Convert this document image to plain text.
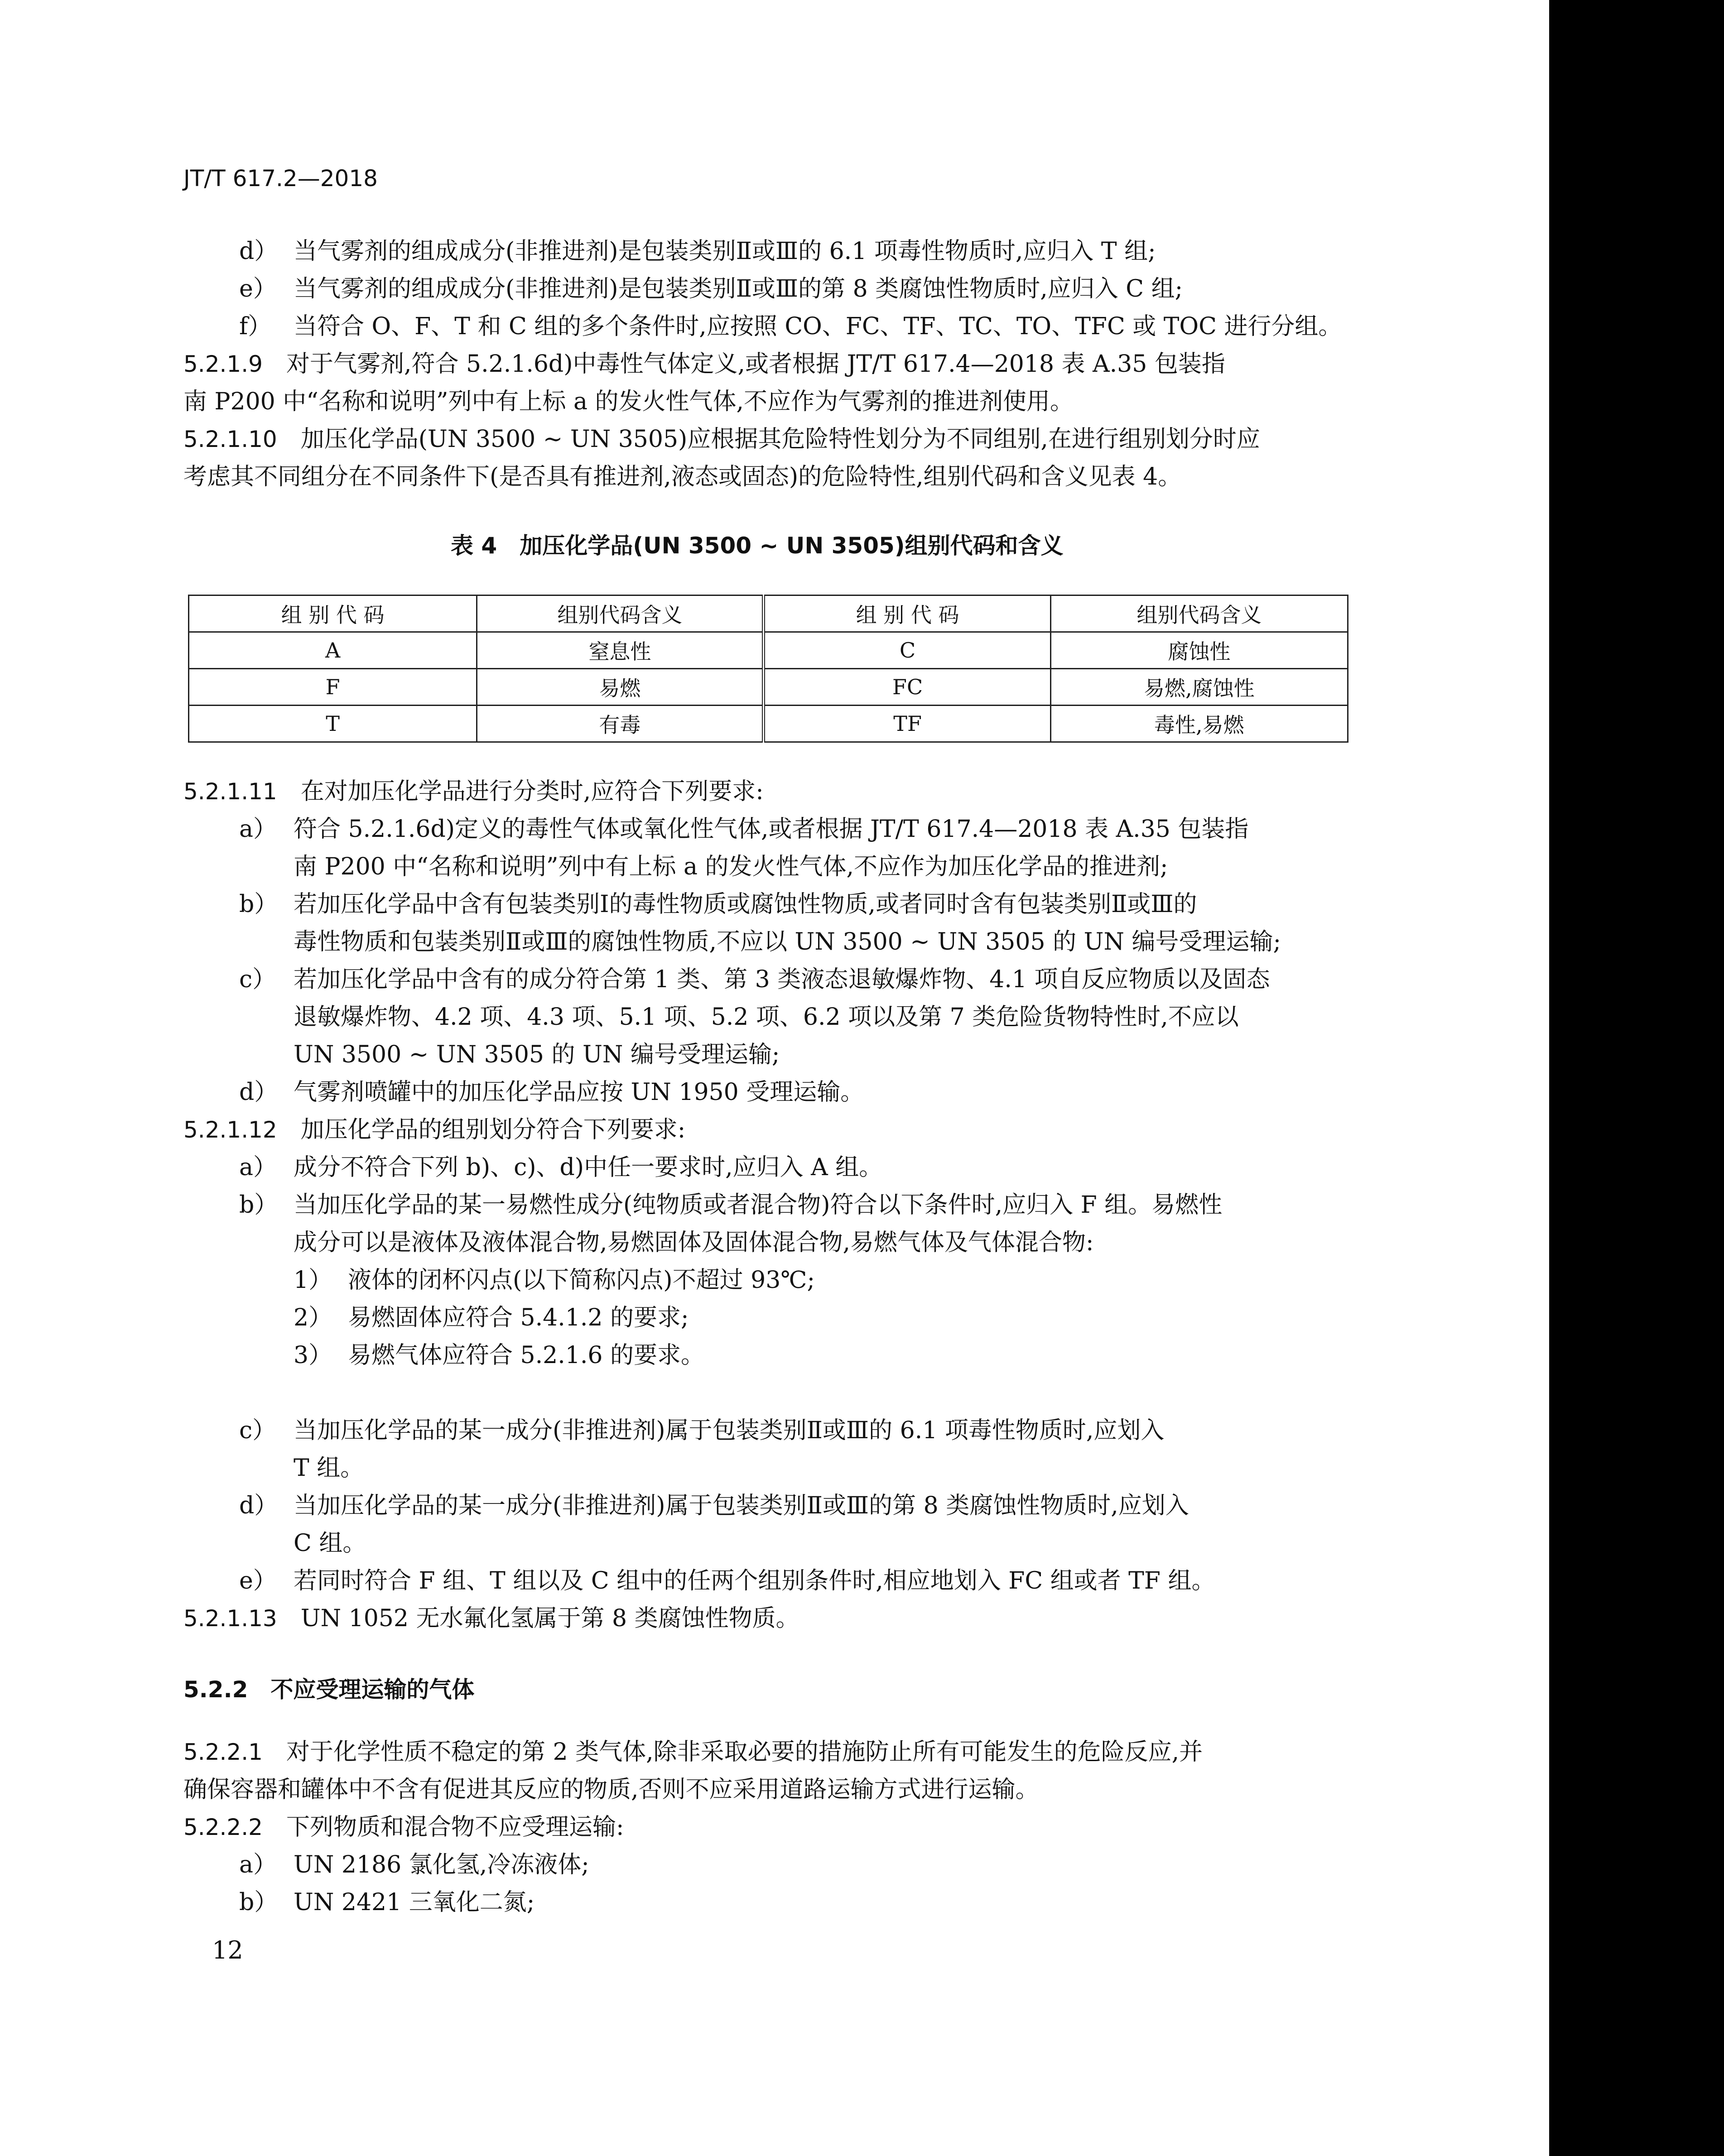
JT/T 617.2—2018
d） 当气雾剂的组成成分(非推进剂)是包装类别Ⅱ或Ⅲ的 6.1 项毒性物质时,应归入 T 组;
e） 当气雾剂的组成成分(非推进剂)是包装类别Ⅱ或Ⅲ的第 8 类腐蚀性物质时,应归入 C 组;
f） 当符合 O、F、T 和 C 组的多个条件时,应按照 CO、FC、TF、TC、TO、TFC 或 TOC 进行分组。
5.2.1.9　 对于气雾剂,符合 5.2.1.6d)中毒性气体定义,或者根据 JT/T 617.4—2018 表 A.35 包装指
南 P200 中“名称和说明”列中有上标 a 的发火性气体,不应作为气雾剂的推进剂使用。
5.2.1.10　 加压化学品(UN 3500 ~ UN 3505)应根据其危险特性划分为不同组别,在进行组别划分时应
考虑其不同组分在不同条件下(是否具有推进剂,液态或固态)的危险特性,组别代码和含义见表 4。
表 4　加压化学品(UN 3500 ~ UN 3505)组别代码和含义
组 别 代 码	组别代码含义	组 别 代 码	组别代码含义
A	窒息性	C	腐蚀性
F	易燃	FC	易燃,腐蚀性
T	有毒	TF	毒性,易燃
5.2.1.11　 在对加压化学品进行分类时,应符合下列要求:
a） 符合 5.2.1.6d)定义的毒性气体或氧化性气体,或者根据 JT/T 617.4—2018 表 A.35 包装指
南 P200 中“名称和说明”列中有上标 a 的发火性气体,不应作为加压化学品的推进剂;
b） 若加压化学品中含有包装类别Ⅰ的毒性物质或腐蚀性物质,或者同时含有包装类别Ⅱ或Ⅲ的
毒性物质和包装类别Ⅱ或Ⅲ的腐蚀性物质,不应以 UN 3500 ~ UN 3505 的 UN 编号受理运输;
c） 若加压化学品中含有的成分符合第 1 类、第 3 类液态退敏爆炸物、4.1 项自反应物质以及固态
退敏爆炸物、4.2 项、4.3 项、5.1 项、5.2 项、6.2 项以及第 7 类危险货物特性时,不应以
UN 3500 ~ UN 3505 的 UN 编号受理运输;
d） 气雾剂喷罐中的加压化学品应按 UN 1950 受理运输。
5.2.1.12　 加压化学品的组别划分符合下列要求:
a） 成分不符合下列 b)、c)、d)中任一要求时,应归入 A 组。
b） 当加压化学品的某一易燃性成分(纯物质或者混合物)符合以下条件时,应归入 F 组。易燃性
成分可以是液体及液体混合物,易燃固体及固体混合物,易燃气体及气体混合物:
1） 液体的闭杯闪点(以下简称闪点)不超过 93℃;
2） 易燃固体应符合 5.4.1.2 的要求;
3） 易燃气体应符合 5.2.1.6 的要求。
c） 当加压化学品的某一成分(非推进剂)属于包装类别Ⅱ或Ⅲ的 6.1 项毒性物质时,应划入
T 组。
d） 当加压化学品的某一成分(非推进剂)属于包装类别Ⅱ或Ⅲ的第 8 类腐蚀性物质时,应划入
C 组。
e） 若同时符合 F 组、T 组以及 C 组中的任两个组别条件时,相应地划入 FC 组或者 TF 组。
5.2.1.13　 UN 1052 无水氟化氢属于第 8 类腐蚀性物质。
5.2.2　 不应受理运输的气体
5.2.2.1　 对于化学性质不稳定的第 2 类气体,除非采取必要的措施防止所有可能发生的危险反应,并
确保容器和罐体中不含有促进其反应的物质,否则不应采用道路运输方式进行运输。
5.2.2.2　 下列物质和混合物不应受理运输:
a） UN 2186 氯化氢,冷冻液体;
b） UN 2421 三氧化二氮;
12
